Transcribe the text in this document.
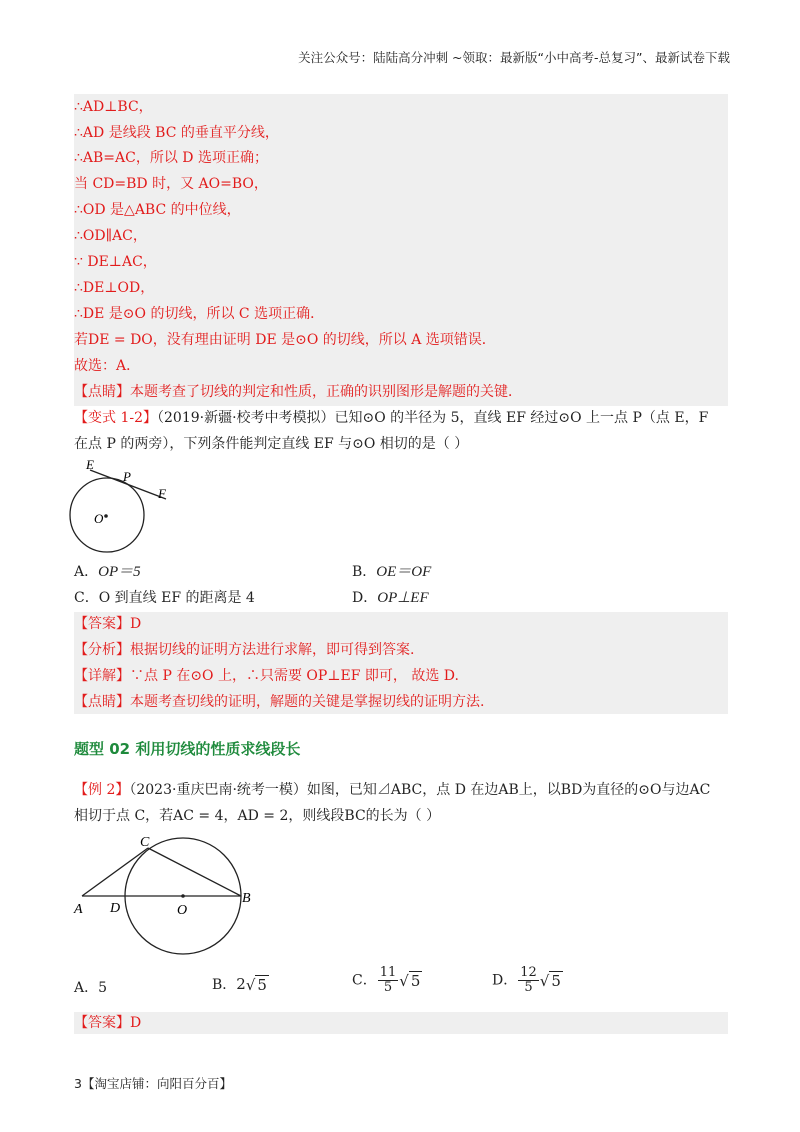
关注公众号：陆陆高分冲刺 ~领取：最新版“小中高考-总复习”、最新试卷下载
∴AD⊥BC，
∴AD 是线段 BC 的垂直平分线，
∴AB=AC，所以 D 选项正确；
当 CD=BD 时，又 AO=BO，
∴OD 是△ABC 的中位线，
∴OD∥AC，
∵ DE⊥AC，
∴DE⊥OD，
∴DE 是⊙O 的切线，所以 C 选项正确．
若DE = DO，没有理由证明 DE 是⊙O 的切线，所以 A 选项错误．
故选：A．
【点睛】本题考查了切线的判定和性质，正确的识别图形是解题的关键．
【变式 1-2】（2019·新疆·校考中考模拟）已知⊙O 的半径为 5，直线 EF 经过⊙O 上一点 P（点 E，F
在点 P 的两旁），下列条件能判定直线 EF 与⊙O 相切的是（ ）
E
P
F
O
A．OP＝5	B．OE＝OF
C．O 到直线 EF 的距离是 4	D．OP⊥EF
【答案】D
【分析】根据切线的证明方法进行求解，即可得到答案.
【详解】∵点 P 在⊙O 上，∴只需要 OP⊥EF 即可， 故选 D.
【点睛】本题考查切线的证明，解题的关键是掌握切线的证明方法.
题型 02 利用切线的性质求线段长
【例 2】（2023·重庆巴南·统考一模）如图，已知⊿ABC，点 D 在边AB上，以BD为直径的⊙O与边AC
相切于点 C，若AC = 4，AD = 2，则线段BC的长为（ ）
A D	O
B
C
A．5	B．2√ 5	C． $\frac{11}{5}$ √ 5	D． $\frac{12}{5}$ √ 5
【答案】D
3【淘宝店铺：向阳百分百】
